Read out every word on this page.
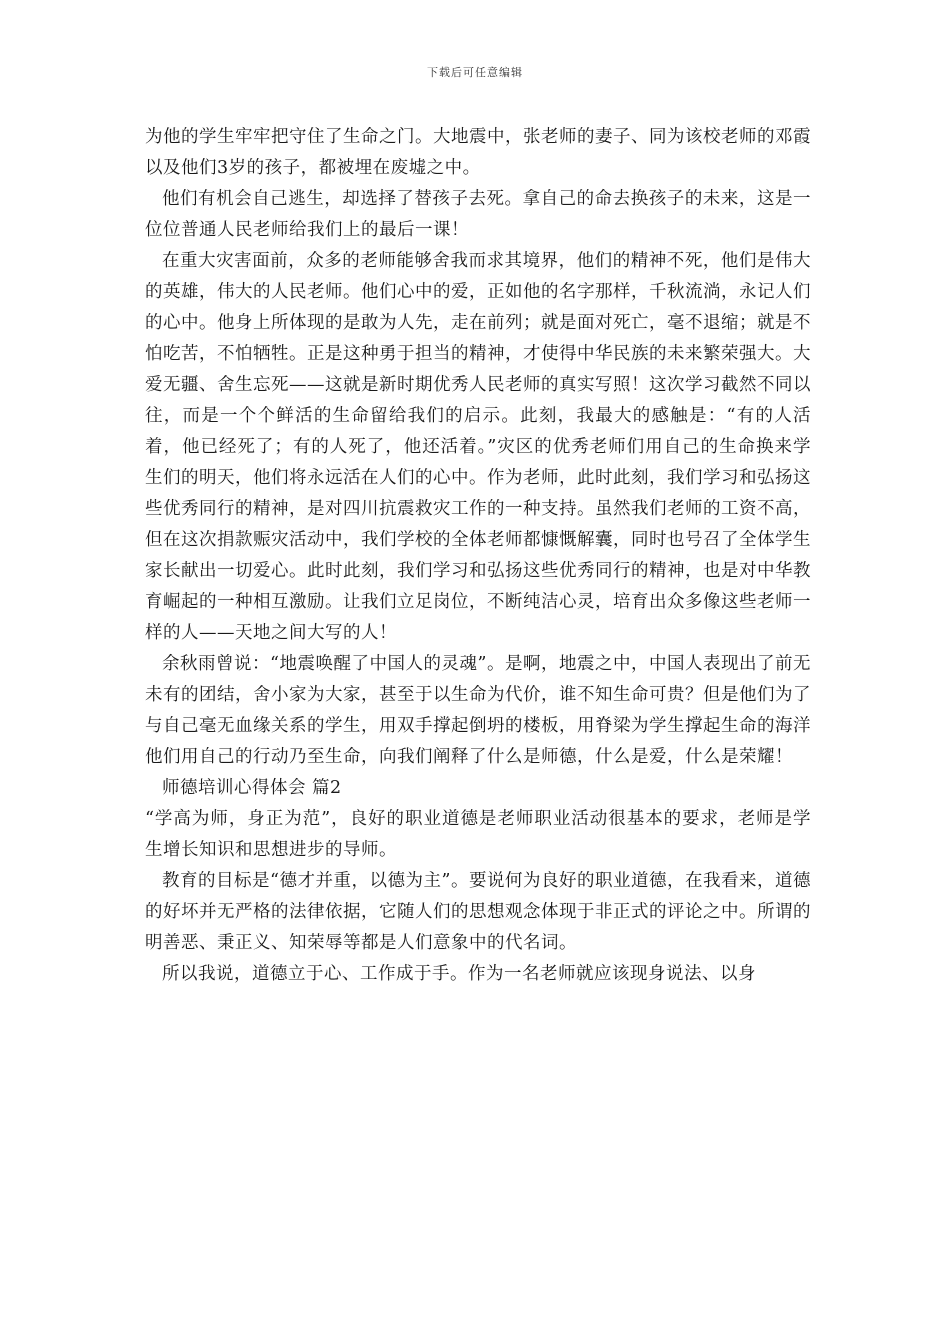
下载后可任意编辑

为他的学生牢牢把守住了生命之门。大地震中，张老师的妻子、同为该校老师的邓霞以及他们3岁的孩子，都被埋在废墟之中。

他们有机会自己逃生，却选择了替孩子去死。拿自己的命去换孩子的未来，这是一位位普通人民老师给我们上的最后一课！

在重大灾害面前，众多的老师能够舍我而求其境界，他们的精神不死，他们是伟大的英雄，伟大的人民老师。他们心中的爱，正如他的名字那样，千秋流淌，永记人们的心中。他身上所体现的是敢为人先，走在前列；就是面对死亡，毫不退缩；就是不怕吃苦，不怕牺牲。正是这种勇于担当的精神，才使得中华民族的未来繁荣强大。大爱无疆、舍生忘死——这就是新时期优秀人民老师的真实写照！这次学习截然不同以往，而是一个个鲜活的生命留给我们的启示。此刻，我最大的感触是：“有的人活着，他已经死了；有的人死了，他还活着。”灾区的优秀老师们用自己的生命换来学生们的明天，他们将永远活在人们的心中。作为老师，此时此刻，我们学习和弘扬这些优秀同行的精神，是对四川抗震救灾工作的一种支持。虽然我们老师的工资不高，但在这次捐款赈灾活动中，我们学校的全体老师都慷慨解囊，同时也号召了全体学生家长献出一切爱心。此时此刻，我们学习和弘扬这些优秀同行的精神，也是对中华教育崛起的一种相互激励。让我们立足岗位，不断纯洁心灵，培育出众多像这些老师一样的人——天地之间大写的人！

余秋雨曾说：“地震唤醒了中国人的灵魂”。是啊，地震之中，中国人表现出了前无未有的团结，舍小家为大家，甚至于以生命为代价，谁不知生命可贵？但是他们为了与自己毫无血缘关系的学生，用双手撑起倒坍的楼板，用脊梁为学生撑起生命的海洋他们用自己的行动乃至生命，向我们阐释了什么是师德，什么是爱，什么是荣耀！

师德培训心得体会 篇2

“学高为师，身正为范”，良好的职业道德是老师职业活动很基本的要求，老师是学生增长知识和思想进步的导师。

教育的目标是“德才并重，以德为主”。要说何为良好的职业道德，在我看来，道德的好坏并无严格的法律依据，它随人们的思想观念体现于非正式的评论之中。所谓的明善恶、秉正义、知荣辱等都是人们意象中的代名词。

所以我说，道德立于心、工作成于手。作为一名老师就应该现身说法、以身
